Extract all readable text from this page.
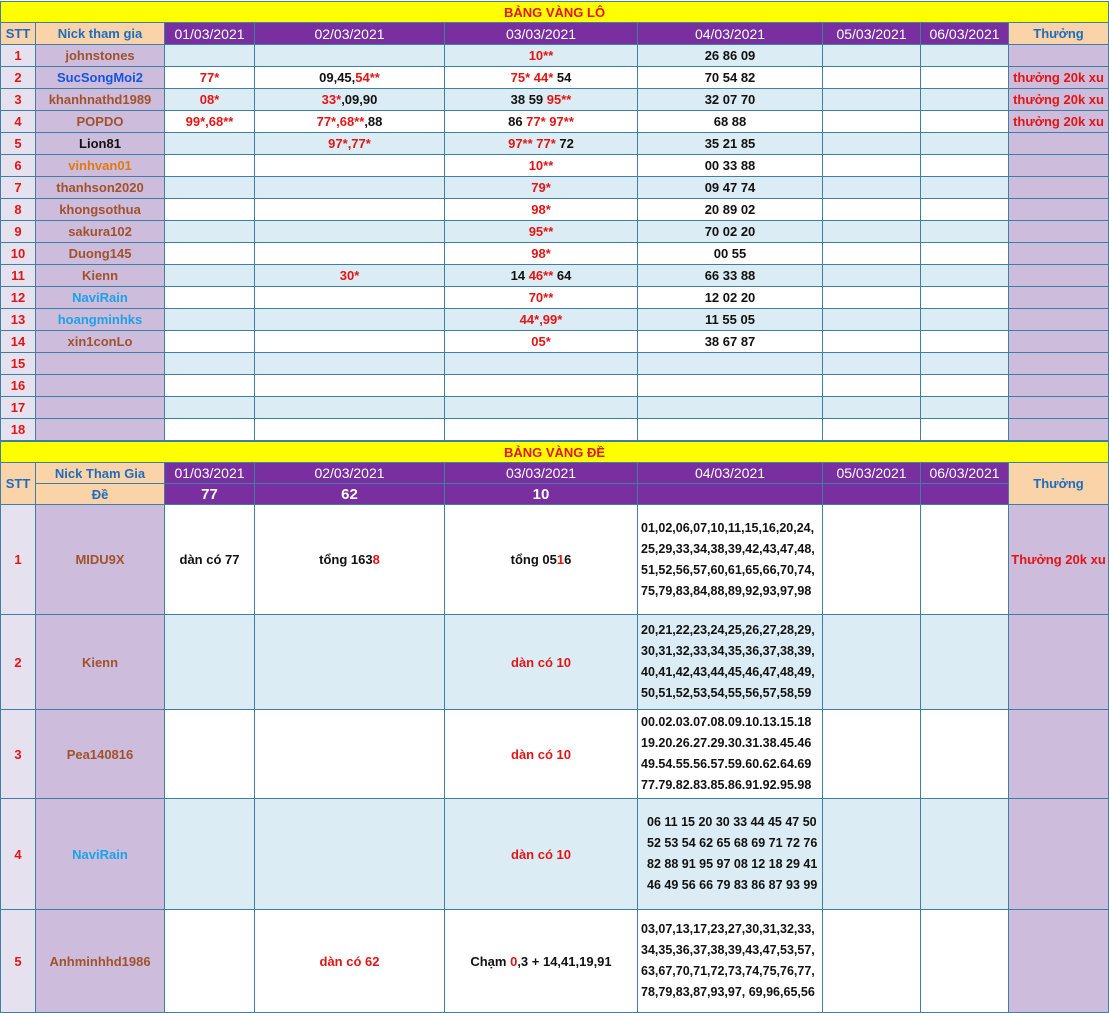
BẢNG VÀNG LÔ								
STT	Nick tham gia	01/03/2021	02/03/2021	03/03/2021	04/03/2021	05/03/2021	06/03/2021	Thưởng
1	johnstones			10**	26 86 09			
2	SucSongMoi2	77*	09,45,54**	75* 44* 54	70 54 82			thưởng 20k xu
3	khanhnathd1989	08*	33*,09,90	38 59 95**	32 07 70			thưởng 20k xu
4	POPDO	99*,68**	77*,68**,88	86 77* 97**	68 88			thưởng 20k xu
5	Lion81		97*,77*	97** 77* 72	35 21 85			
6	vinhvan01			10**	00 33 88			
7	thanhson2020			79*	09 47 74			
8	khongsothua			98*	20 89 02			
9	sakura102			95**	70 02 20			
10	Duong145			98*	00 55			
11	Kienn		30*	14 46** 64	66 33 88			
12	NaviRain			70**	12 02 20			
13	hoangminhks			44*,99*	11 55 05			
14	xin1conLo			05*	38 67 87			
15								
16								
17								
18								
BẢNG VÀNG ĐỀ								
STT	Nick Tham Gia	01/03/2021	02/03/2021	03/03/2021	04/03/2021	05/03/2021	06/03/2021	Thưởng
	Đề	77	62	10				
1	MIDU9X	dàn có 77	tổng 1638	tổng 0516	01,02,06,07,10,11,15,16,20,24,
25,29,33,34,38,39,42,43,47,48,
51,52,56,57,60,61,65,66,70,74,
75,79,83,84,88,89,92,93,97,98			Thưởng 20k xu
2	Kienn			dàn có 10	20,21,22,23,24,25,26,27,28,29,
30,31,32,33,34,35,36,37,38,39,
40,41,42,43,44,45,46,47,48,49,
50,51,52,53,54,55,56,57,58,59			

3	Pea140816			dàn có 10	00.02.03.07.08.09.10.13.15.18
19.20.26.27.29.30.31.38.45.46
49.54.55.56.57.59.60.62.64.69
77.79.82.83.85.86.91.92.95.98			

4	NaviRain			dàn có 10	06 11 15 20 30 33 44 45 47 50
52 53 54 62 65 68 69 71 72 76
82 88 91 95 97 08 12 18 29 41
46 49 56 66 79 83 86 87 93 99			

5	Anhminhhd1986		dàn có 62	Chạm 0,3 + 14,41,19,91	03,07,13,17,23,27,30,31,32,33,
34,35,36,37,38,39,43,47,53,57,
63,67,70,71,72,73,74,75,76,77,
78,79,83,87,93,97, 69,96,65,56			
